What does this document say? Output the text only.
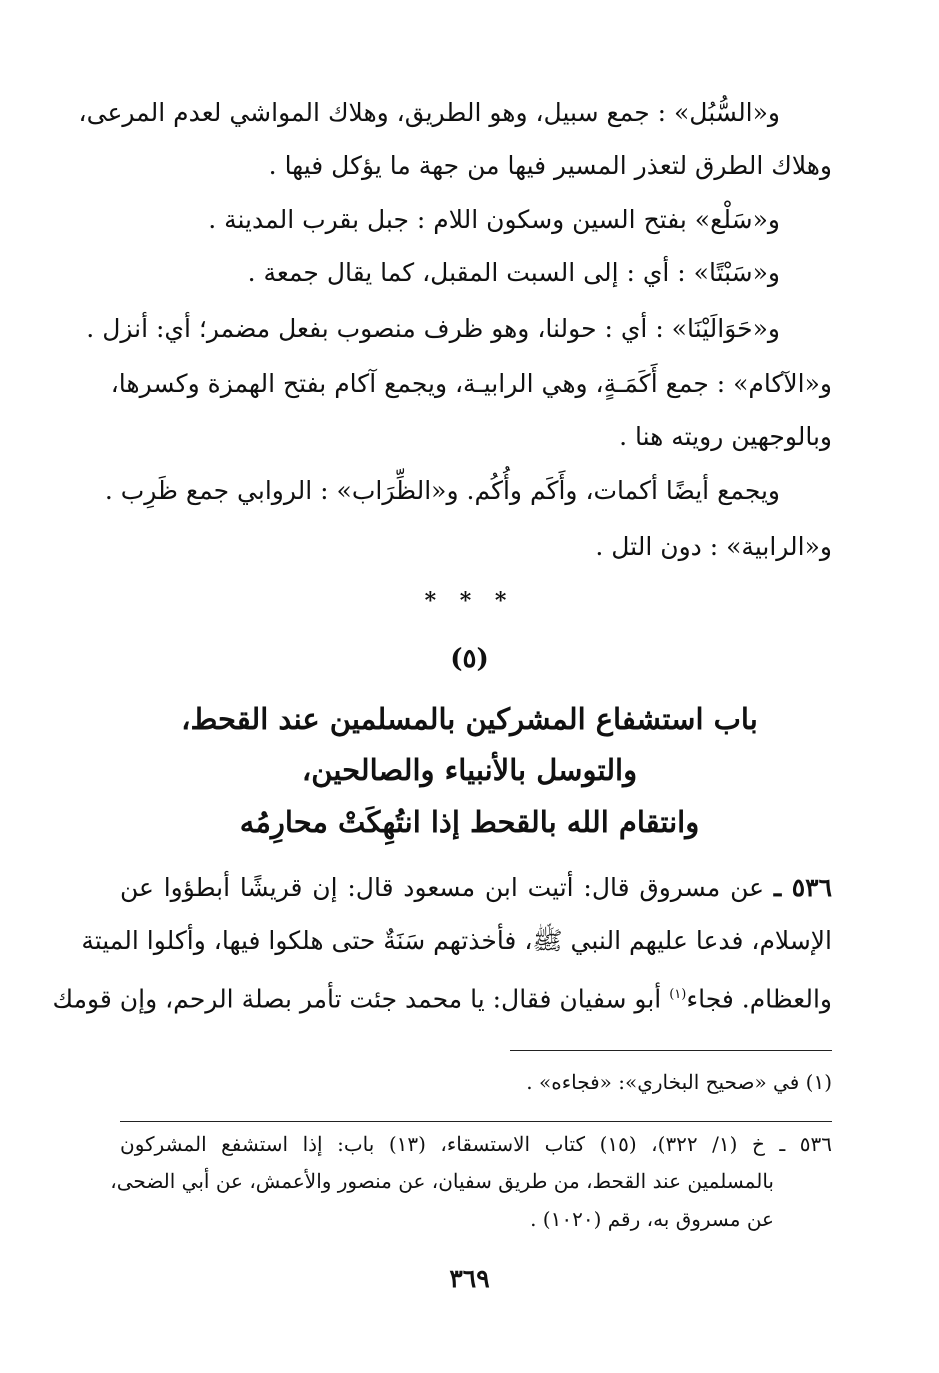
و«السُّبُل» : جمع سبيل، وهو الطريق، وهلاك المواشي لعدم المرعى،
وهلاك الطرق لتعذر المسير فيها من جهة ما يؤكل فيها .
و«سَلْع» بفتح السين وسكون اللام : جبل بقرب المدينة .
و«سَبْتًا» : أي : إلى السبت المقبل، كما يقال جمعة .
و«حَوَالَيْنَا» : أي : حولنا، وهو ظرف منصوب بفعل مضمر؛ أي: أنزل .
و«الآكام» : جمع أَكَمَـةٍ، وهي الرابيـة، ويجمع آكام بفتح الهمزة وكسرها،
وبالوجهين رويته هنا .
ويجمع أيضًا أكمات، وأَكَم وأُكُم. و«الظِّرَاب» : الروابي جمع ظَرِب .
و«الرابية» : دون التل .
* * *
(٥)
باب استشفاع المشركين بالمسلمين عند القحط،
والتوسل بالأنبياء والصالحين،
وانتقام الله بالقحط إذا انتُهِكَتْ محارِمُه
٥٣٦ ـ عن مسروق قال: أتيت ابن مسعود قال: إن قريشًا أبطؤوا عن
الإسلام، فدعا عليهم النبي ﷺ، فأخذتهم سَنَةٌ حتى هلكوا فيها، وأكلوا الميتة
والعظام. فجاء$^{(١)}$ أبو سفيان فقال: يا محمد جئت تأمر بصلة الرحم، وإن قومك
(١) في «صحيح البخاري»: «فجاءه» .
٥٣٦ ـ خ (١/ ٣٢٢)، (١٥) كتاب الاستسقاء، (١٣) باب: إذا استشفع المشركون
بالمسلمين عند القحط، من طريق سفيان، عن منصور والأعمش، عن أبي الضحى،
عن مسروق به، رقم (١٠٢٠) .
٣٦٩
